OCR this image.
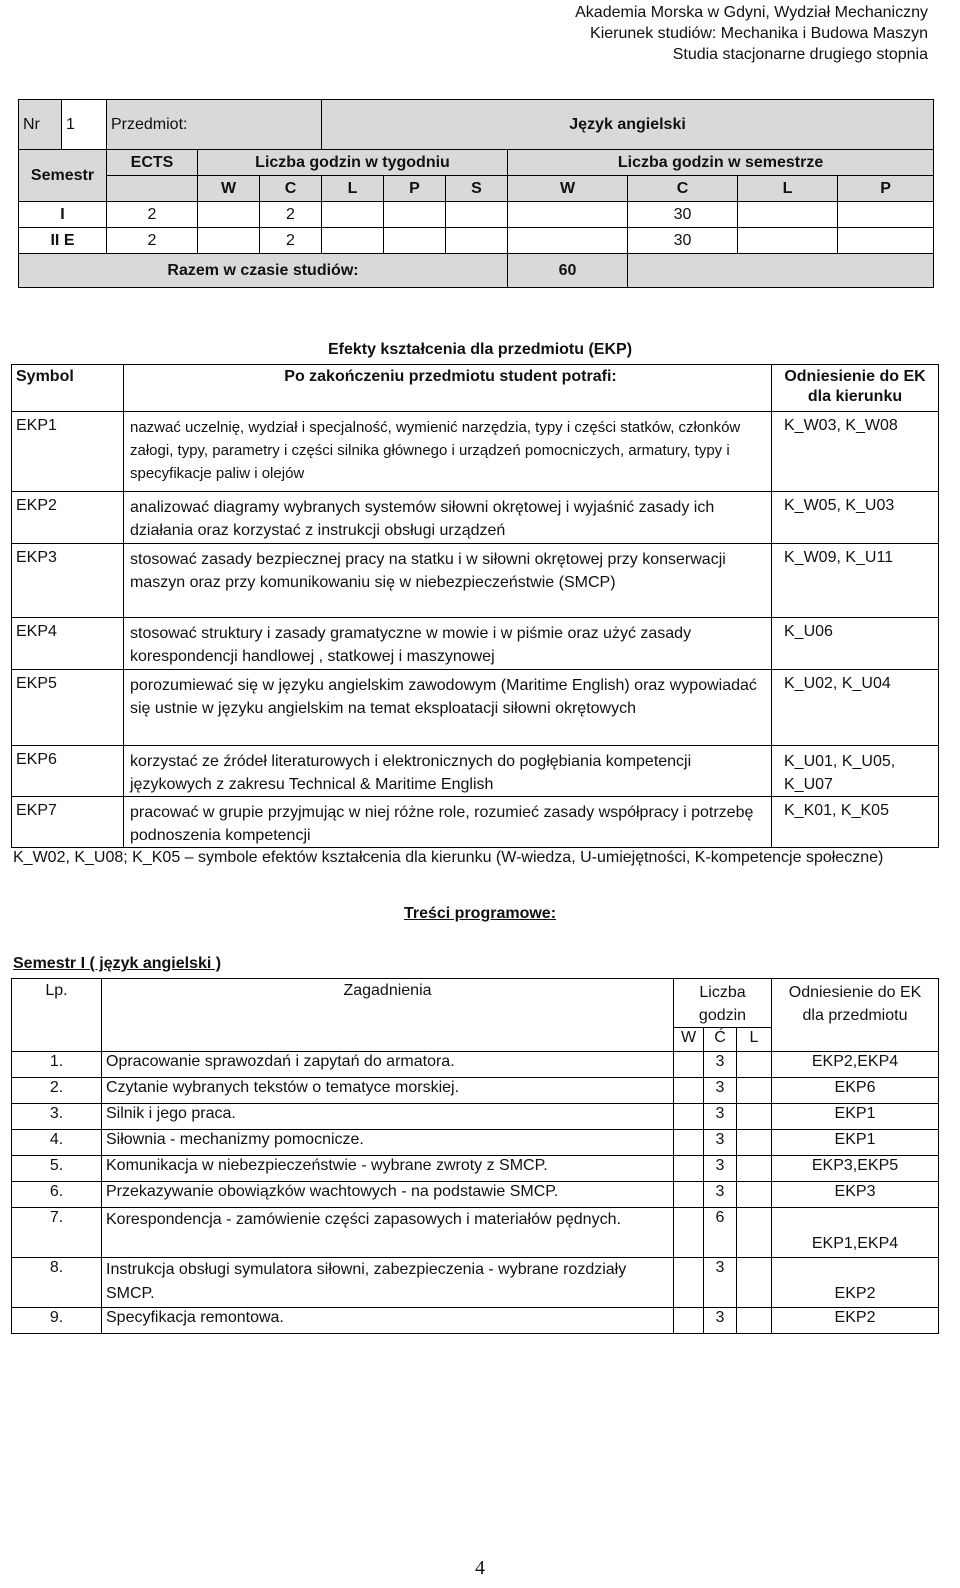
Akademia Morska w Gdyni, Wydział Mechaniczny
Kierunek studiów: Mechanika i Budowa Maszyn
Studia stacjonarne drugiego stopnia
Nr	1	Przedmiot:			Język angielski						
Semestr		ECTS	Liczba godzin w tygodniu					Liczba godzin w semestrze			
			W	C	L	P	S	W	C	L	P
I		2		2					30		
II E		2		2					30		
Razem w czasie studiów:								60			
Efekty kształcenia dla przedmiotu (EKP)
Symbol	Po zakończeniu przedmiotu student potrafi:	Odniesienie do EK dla kierunku
EKP1	nazwać uczelnię, wydział i specjalność, wymienić narzędzia, typy i części statków, członków załogi, typy, parametry i części silnika głównego i urządzeń pomocniczych, armatury, typy i specyfikacje paliw i olejów	K_W03, K_W08
EKP2	analizować diagramy wybranych systemów siłowni okrętowej i wyjaśnić zasady ich działania oraz korzystać z instrukcji obsługi urządzeń	K_W05, K_U03
EKP3	stosować zasady bezpiecznej pracy na statku i w siłowni okrętowej przy konserwacji maszyn oraz przy komunikowaniu się w niebezpieczeństwie (SMCP)	K_W09, K_U11
EKP4	stosować struktury i zasady gramatyczne w mowie i w piśmie oraz użyć zasady korespondencji handlowej , statkowej i maszynowej	K_U06
EKP5	porozumiewać się w języku angielskim zawodowym (Maritime English) oraz wypowiadać się ustnie w języku angielskim na temat eksploatacji siłowni okrętowych	K_U02, K_U04
EKP6	korzystać ze źródeł literaturowych i elektronicznych do pogłębiania kompetencji językowych z zakresu Technical & Maritime English	K_U01, K_U05, K_U07
EKP7	pracować w grupie przyjmując w niej różne role, rozumieć zasady współpracy i potrzebę podnoszenia kompetencji	K_K01, K_K05
K_W02, K_U08; K_K05 – symbole efektów kształcenia dla kierunku (W-wiedza, U-umiejętności, K-kompetencje społeczne)
Treści programowe:
Semestr I ( język angielski )
Lp.	Zagadnienia	Liczba godzin			Odniesienie do EK dla przedmiotu
		W	Ć	L	
1.	Opracowanie sprawozdań i zapytań do armatora.		3		EKP2,EKP4
2.	Czytanie wybranych tekstów o tematyce morskiej.		3		EKP6
3.	Silnik i jego praca.		3		EKP1
4.	Siłownia - mechanizmy pomocnicze.		3		EKP1
5.	Komunikacja w niebezpieczeństwie - wybrane zwroty z SMCP.		3		EKP3,EKP5
6.	Przekazywanie obowiązków wachtowych - na podstawie SMCP.		3		EKP3
7.	Korespondencja - zamówienie części zapasowych i materiałów pędnych.		6		EKP1,EKP4
8.	Instrukcja obsługi symulatora siłowni, zabezpieczenia - wybrane rozdziały SMCP.		3		EKP2
9.	Specyfikacja remontowa.		3		EKP2
4
